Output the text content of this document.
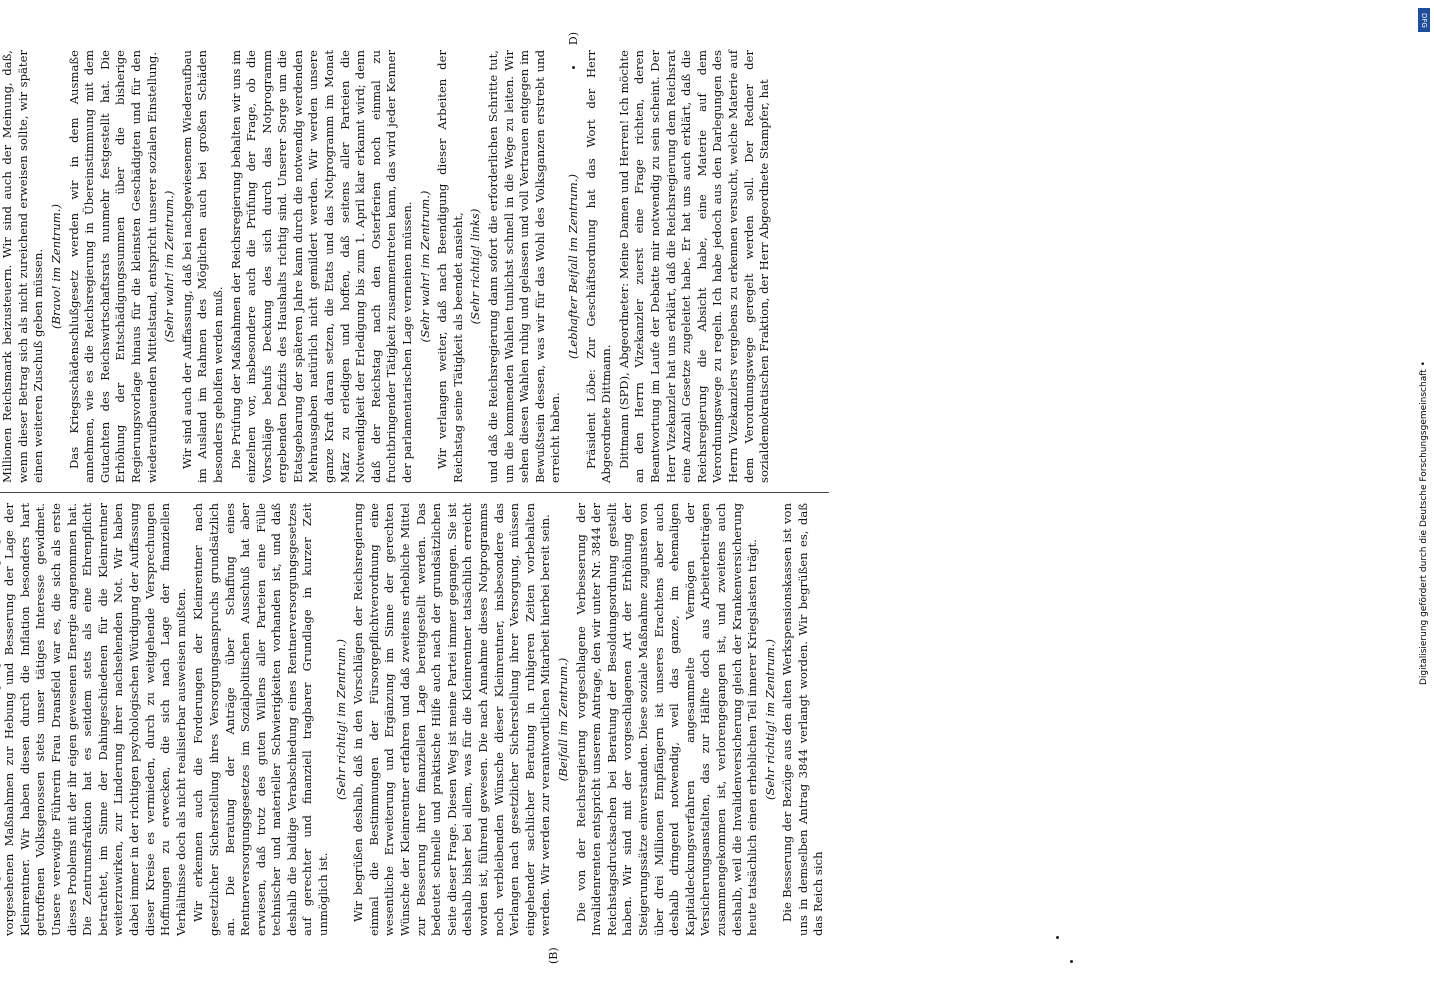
(B)
D)

vorgesehenen Maßnahmen zur Hebung und Besserung der Lage der Kleinrentner. Wir haben diesen durch die Inflation besonders hart getroffenen Volksgenossen stets unser tätiges Interesse gewidmet. Unsere verewigte Führerin Frau Dransfeld war es, die sich als erste dieses Problems mit der ihr eigen gewesenen Energie angenommen hat. Die Zentrumsfraktion hat es seitdem stets als eine Ehrenpflicht betrachtet, im Sinne der Dahingeschiedenen für die Kleinrentner weiterzuwirken, zur Linderung ihrer nachsehenden Not. Wir haben dabei immer in der richtigen psychologischen Würdigung der Auffassung dieser Kreise es vermieden, durch zu weitgehende Versprechungen Hoffnungen zu erwecken, die sich nach Lage der finanziellen Verhältnisse doch als nicht realisierbar ausweisen mußten. Wir erkennen auch die Forderungen der Kleinrentner nach gesetzlicher Sicherstellung ihres Versorgungsanspruchs grundsätzlich an. Die Beratung der Anträge über Schaffung eines Rentnerversorgungsgesetzes im Sozialpolitischen Ausschuß hat aber erwiesen, daß trotz des guten Willens aller Parteien eine Fülle technischer und materieller Schwierigkeiten vorhanden ist, und daß deshalb die baldige Verabschiedung eines Rentnerversorgungsgesetzes auf gerechter und finanziell tragbarer Grundlage in kurzer Zeit unmöglich ist.

(Sehr richtig! im Zentrum.) Wir begrüßen deshalb, daß in den Vorschlägen der Reichsregierung einmal die Bestimmungen der Fürsorgepflichtverordnung eine wesentliche Erweiterung und Ergänzung im Sinne der gerechten Wünsche der Kleinrentner erfahren und daß zweitens erhebliche Mittel zur Besserung ihrer finanziellen Lage bereitgestellt werden. Das bedeutet schnelle und praktische Hilfe auch nach der grundsätzlichen Seite dieser Frage. Diesen Weg ist meine Partei immer gegangen. Sie ist deshalb bisher bei allem, was für die Kleinrentner tatsächlich erreicht worden ist, führend gewesen. Die nach Annahme dieses Notprogramms noch verbleibenden Wünsche dieser Kleinrentner, insbesondere das Verlangen nach gesetzlicher Sicherstellung ihrer Versorgung, müssen eingehender sachlicher Beratung in ruhigeren Zeiten vorbehalten werden. Wir werden zur verantwortlichen Mitarbeit hierbei bereit sein. (Beifall im Zentrum.) Die von der Reichsregierung vorgeschlagene Verbesserung der Invalidenrenten entspricht unserem Antrage, den wir unter Nr. 3844 der Reichstagsdrucksachen bei Beratung der Besoldungsordnung gestellt haben. Wir sind mit der vorgeschlagenen Art der Erhöhung der Steigerungssätze einverstanden. Diese soziale Maßnahme zugunsten von über drei Millionen Empfängern ist unseres Erachtens aber auch deshalb dringend notwendig, weil das ganze, im ehemaligen Kapitaldeckungsverfahren angesammelte Vermögen der Versicherungsanstalten, das zur Hälfte doch aus Arbeiterbeiträgen zusammengekommen ist, verlorengegangen ist, und zweitens auch deshalb, weil die Invalidenversicherung gleich der Krankenversicherung heute tatsächlich einen erheblichen Teil innerer Kriegslasten trägt. (Sehr richtig! im Zentrum.) Die Besserung der Bezüge aus den alten Werkspensionskassen ist von uns in demselben Antrag 3844 verlangt worden. Wir begrüßen es, daß das Reich sich

Millionen Reichsmark beizusteuern. Wir sind auch der Meinung, daß, wenn dieser Betrag sich als nicht zureichend erweisen sollte, wir später einen weiteren Zuschuß geben müssen. (Bravo! im Zentrum.) Das Kriegsschädenschlußgesetz werden wir in dem Ausmaße annehmen, wie es die Reichsregierung in Übereinstimmung mit dem Gutachten des Reichswirtschaftsrats nunmehr festgestellt hat. Die Erhöhung der Entschädigungssummen über die bisherige Regierungsvorlage hinaus für die kleinsten Geschädigten und für den wiederaufbauenden Mittelstand, entspricht unserer sozialen Einstellung. (Sehr wahr! im Zentrum.) Wir sind auch der Auffassung, daß bei nachgewiesenem Wiederaufbau im Ausland im Rahmen des Möglichen auch bei großen Schäden besonders geholfen werden muß. Die Prüfung der Maßnahmen der Reichsregierung behalten wir uns im einzelnen vor, insbesondere auch die Prüfung der Frage, ob die Vorschläge behufs Deckung des sich durch das Notprogramm ergebenden Defizits des Haushalts richtig sind. Unserer Sorge um die Etatsgebarung der späteren Jahre kann durch die notwendig werdenden Mehrausgaben natürlich nicht gemildert werden. Wir werden unsere ganze Kraft daran setzen, die Etats und das Notprogramm im Monat März zu erledigen und hoffen, daß seitens aller Parteien die Notwendigkeit der Erledigung bis zum 1. April klar erkannt wird; denn daß der Reichstag nach den Osterferien noch einmal zu fruchtbringender Tätigkeit zusammentreten kann, das wird jeder Kenner der parlamentarischen Lage verneinen müssen. (Sehr wahr! im Zentrum.) Wir verlangen weiter, daß nach Beendigung dieser Arbeiten der Reichstag seine Tätigkeit als beendet ansieht, (Sehr richtig! links) und daß die Reichsregierung dann sofort die erforderlichen Schritte tut, um die kommenden Wahlen tunlichst schnell in die Wege zu leiten. Wir sehen diesen Wahlen ruhig und gelassen und voll Vertrauen entgegen im Bewußtsein dessen, was wir für das Wohl des Volksganzen erstrebt und erreicht haben.

(Lebhafter Beifall im Zentrum.) Präsident Löbe: Zur Geschäftsordnung hat das Wort der Herr Abgeordnete Dittmann. Dittmann (SPD), Abgeordneter: Meine Damen und Herren! Ich möchte an den Herrn Vizekanzler zuerst eine Frage richten, deren Beantwortung im Laufe der Debatte mir notwendig zu sein scheint. Der Herr Vizekanzler hat uns erklärt, daß die Reichsregierung dem Reichsrat eine Anzahl Gesetze zugeleitet habe. Er hat uns auch erklärt, daß die Reichsregierung die Absicht habe, eine Materie auf dem Verordnungswege zu regeln. Ich habe jedoch aus den Darlegungen des Herrn Vizekanzlers vergebens zu erkennen versucht, welche Materie auf dem Verordnungswege geregelt werden soll. Der Redner der sozialdemokratischen Fraktion, der Herr Abgeordnete Stampfer, hat

DFG
Digitalisierung gefördert durch die Deutsche Forschungsgemeinschaft •
